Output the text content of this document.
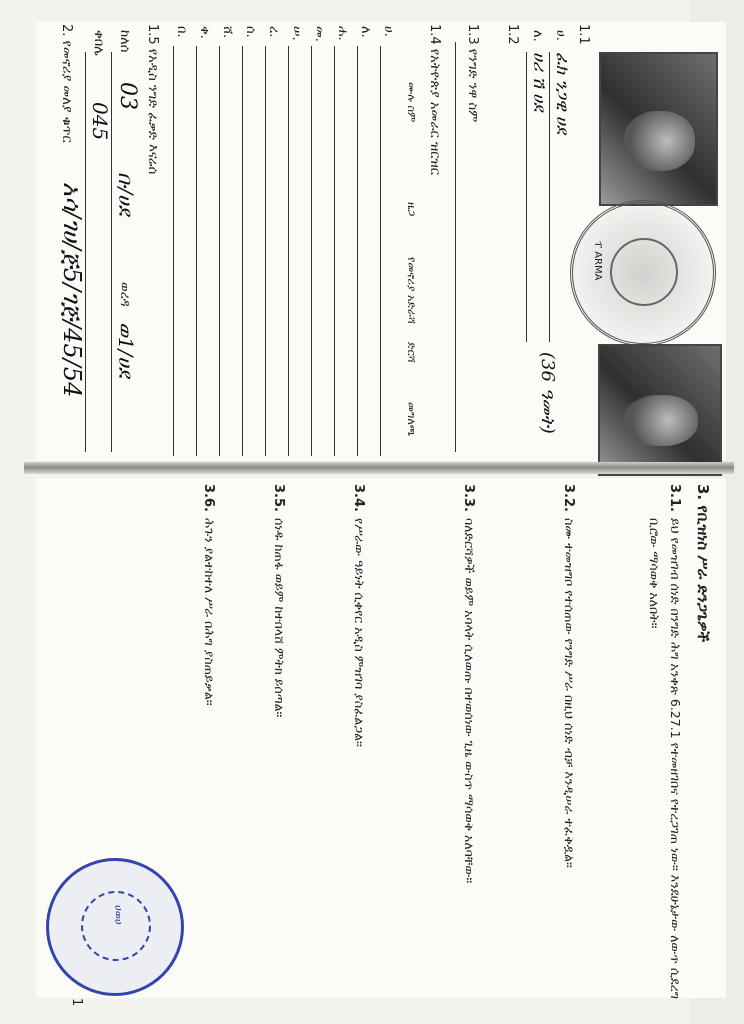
ፐ ARMA
1.1
ሀ.
ፈክ ንጋዊ ሀደ
ለ.
ሀሪ ሽ ሀደ
(36 ዓመት)
1.2
1.3 የንግድ ንዋ ስም
1.4 የአትዮጵያ አመራር ዝርዝር
ሙሉ ስም
ዜጋ
የመኖሪያ አድራሻ
ድርሻ
መግለጫ
ሀ.
ለ.
ሐ.
መ.
ሠ.
ረ.
ሰ.
ሸ.
ቀ.
በ.
1.5 የአዲስ ንግድ ፈቃድ እናሬሰ
ከለሰ
03
ቡ/ሀደ
ወረዳ
ወ1/ሀደ
ቀበሌ
045
2. የመኖሪያ መለያ ቁጥር
አሳ/ገሀ/ጅ5/ገጅ/45/54
3. የቢዝነስ ሥራ ድንጋጌዎች
3.1.
ይህ የመዝገብ ሰነድ በንግድ ሕግ አንቀጽ 6.27.1 የተመዘገበና የተረጋገጠ ነው። እንደሁኔታው ለውጥ ሲደረግ ቢሮው ማሳወቅ አለበት።
3.2.
ስሙ ተመዝግቦ የተሰጠው የንግድ ሥራ በዚህ ሰነድ ብቻ እንዲሠራ ተፈቅዷል።
3.3.
ባለድርሻዎች ወይም አባላት ሲለወጡ በተወሰነው ጊዜ ውስጥ ማሳወቅ አለባቸው።
3.4.
የሥራው ዓይነት ሲቀየር አዲስ ምዝገባ ያስፈልጋል።
3.5.
ሰነዱ ከጠፋ ወይም ከተበላሸ ምትክ ይሰጣል።
3.6.
ሕጉን ያልተከተለ ሥራ በሕግ ያስጠይቃል።
1
ሀወሀ
